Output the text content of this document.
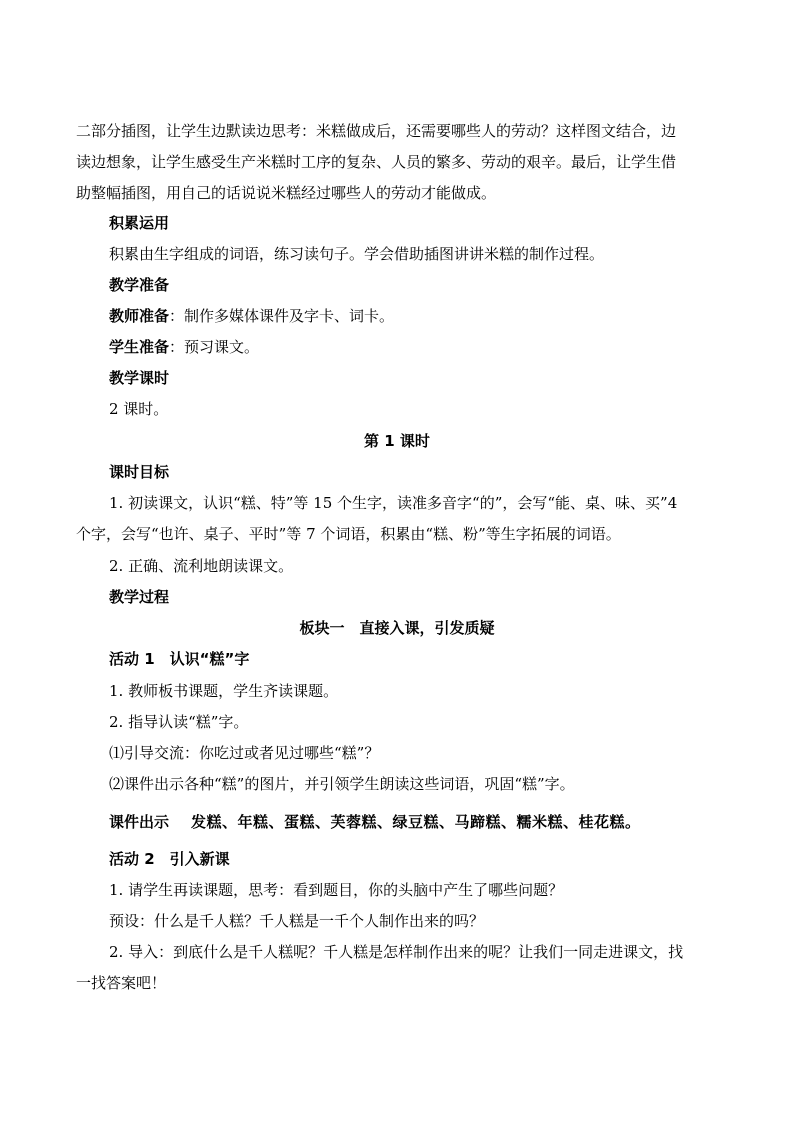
二部分插图，让学生边默读边思考：米糕做成后，还需要哪些人的劳动？这样图文结合，边
读边想象，让学生感受生产米糕时工序的复杂、人员的繁多、劳动的艰辛。最后，让学生借
助整幅插图，用自己的话说说米糕经过哪些人的劳动才能做成。
积累运用
积累由生字组成的词语，练习读句子。学会借助插图讲讲米糕的制作过程。
教学准备
教师准备：制作多媒体课件及字卡、词卡。
学生准备：预习课文。
教学课时
2 课时。
第 1 课时
课时目标
1. 初读课文，认识“糕、特”等 15 个生字，读准多音字“的”，会写“能、桌、味、买”4
个字，会写“也许、桌子、平时”等 7 个词语，积累由“糕、粉”等生字拓展的词语。
2. 正确、流利地朗读课文。
教学过程
板块一　直接入课，引发质疑
活动 1　认识“糕”字
1. 教师板书课题，学生齐读课题。
2. 指导认读“糕”字。
⑴引导交流：你吃过或者见过哪些“糕”？
⑵课件出示各种“糕”的图片，并引领学生朗读这些词语，巩固“糕”字。
课件出示 发糕、年糕、蛋糕、芙蓉糕、绿豆糕、马蹄糕、糯米糕、桂花糕。
活动 2　引入新课
1. 请学生再读课题，思考：看到题目，你的头脑中产生了哪些问题？
预设：什么是千人糕？千人糕是一千个人制作出来的吗？
2. 导入：到底什么是千人糕呢？千人糕是怎样制作出来的呢？让我们一同走进课文，找
一找答案吧！
